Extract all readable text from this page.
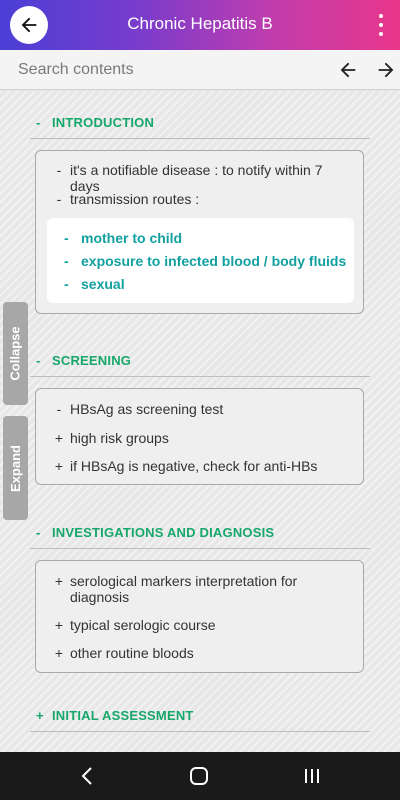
Chronic Hepatitis B
Search contents
- INTRODUCTION
- it's a notifiable disease : to notify within 7 days
- transmission routes :
- mother to child
- exposure to infected blood / body fluids
- sexual
- SCREENING
- HBsAg as screening test
+ high risk groups
+ if HBsAg is negative, check for anti-HBs
- INVESTIGATIONS AND DIAGNOSIS
+ serological markers interpretation for diagnosis
+ typical serologic course
+ other routine bloods
+ INITIAL ASSESSMENT
Collapse
Expand
